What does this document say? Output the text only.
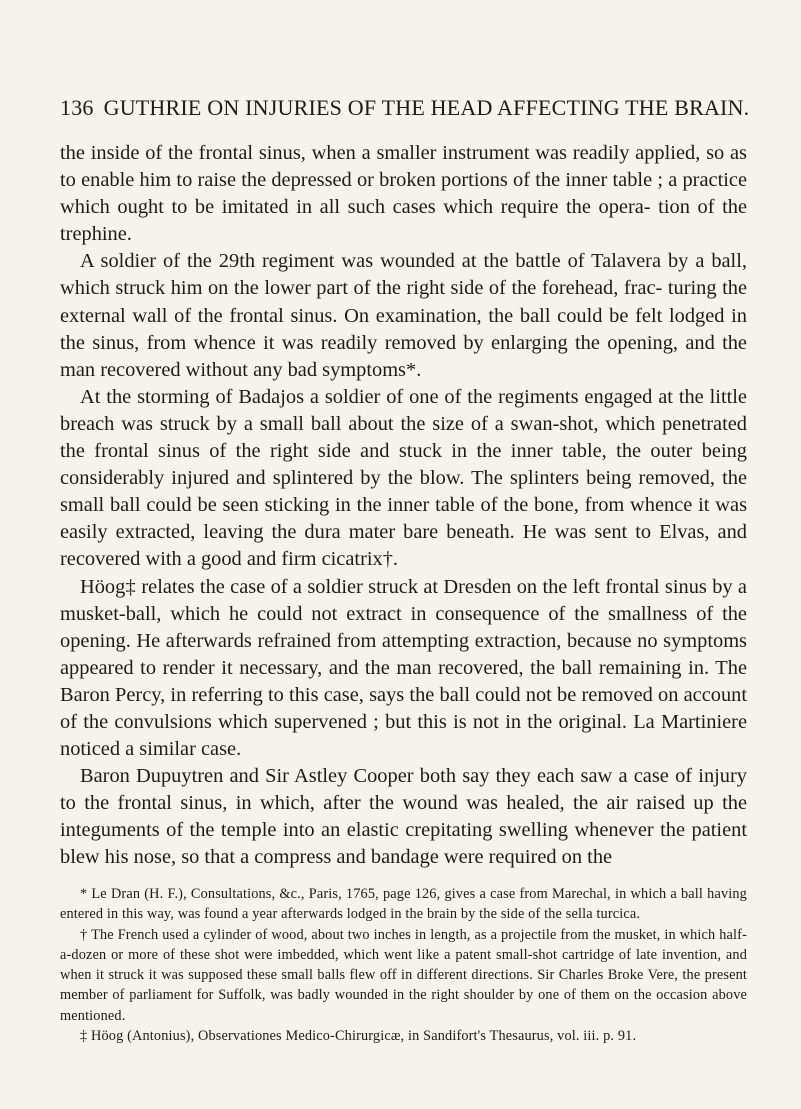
136 GUTHRIE ON INJURIES OF THE HEAD AFFECTING THE BRAIN.

the inside of the frontal sinus, when a smaller instrument was readily applied, so as to enable him to raise the depressed or broken portions of the inner table ; a practice which ought to be imitated in all such cases which require the opera- tion of the trephine.

A soldier of the 29th regiment was wounded at the battle of Talavera by a ball, which struck him on the lower part of the right side of the forehead, frac- turing the external wall of the frontal sinus. On examination, the ball could be felt lodged in the sinus, from whence it was readily removed by enlarging the opening, and the man recovered without any bad symptoms*.

At the storming of Badajos a soldier of one of the regiments engaged at the little breach was struck by a small ball about the size of a swan-shot, which penetrated the frontal sinus of the right side and stuck in the inner table, the outer being considerably injured and splintered by the blow. The splinters being removed, the small ball could be seen sticking in the inner table of the bone, from whence it was easily extracted, leaving the dura mater bare beneath. He was sent to Elvas, and recovered with a good and firm cicatrix†.

Höog‡ relates the case of a soldier struck at Dresden on the left frontal sinus by a musket-ball, which he could not extract in consequence of the smallness of the opening. He afterwards refrained from attempting extraction, because no symptoms appeared to render it necessary, and the man recovered, the ball remaining in. The Baron Percy, in referring to this case, says the ball could not be removed on account of the convulsions which supervened ; but this is not in the original. La Martiniere noticed a similar case.

Baron Dupuytren and Sir Astley Cooper both say they each saw a case of injury to the frontal sinus, in which, after the wound was healed, the air raised up the integuments of the temple into an elastic crepitating swelling whenever the patient blew his nose, so that a compress and bandage were required on the

* Le Dran (H. F.), Consultations, &c., Paris, 1765, page 126, gives a case from Marechal, in which a ball having entered in this way, was found a year afterwards lodged in the brain by the side of the sella turcica.

† The French used a cylinder of wood, about two inches in length, as a projectile from the musket, in which half-a-dozen or more of these shot were imbedded, which went like a patent small-shot cartridge of late invention, and when it struck it was supposed these small balls flew off in different directions. Sir Charles Broke Vere, the present member of parliament for Suffolk, was badly wounded in the right shoulder by one of them on the occasion above mentioned.

‡ Höog (Antonius), Observationes Medico-Chirurgicæ, in Sandifort's Thesaurus, vol. iii. p. 91.
